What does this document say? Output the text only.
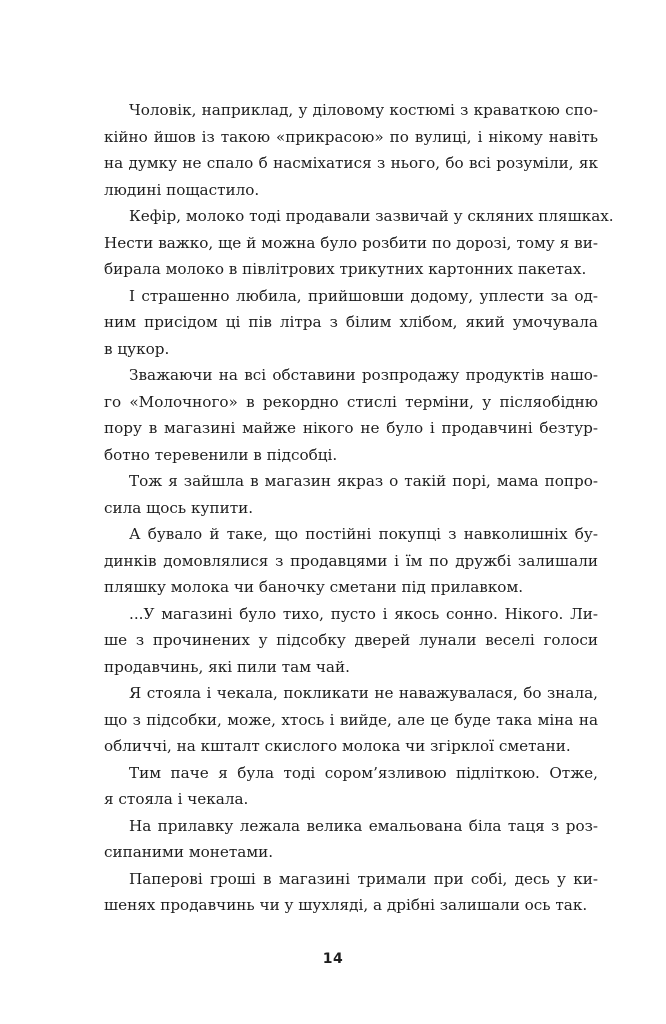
Чоловік, наприклад, у діловому костюмі з краваткою спо-
кійно йшов із такою «прикрасою» по вулиці, і нікому навіть
на думку не спало б насміхатися з нього, бо всі розуміли, як
людині пощастило.
Кефір, молоко тоді продавали зазвичай у скляних пляшках.
Нести важко, ще й можна було розбити по дорозі, тому я ви-
бирала молоко в пiвлітрових трикутних картонних пакетах.
І страшенно любила, прийшовши додому, уплести за од-
ним присідом ці пів літра з білим хлібом, який умочувала
в цукор.
Зважаючи на всі обставини розпродажу продуктів нашо-
го «Молочного» в рекордно стислі терміни, у післяобідню
пору в магазині майже нікого не було і продавчині безтур-
ботно теревенили в підсобці.
Тож я зайшла в магазин якраз о такій порі, мама попро-
сила щось купити.
А бувало й таке, що постійні покупці з навколишніх бу-
динків домовлялися з продавцями і їм по дружбі залишали
пляшку молока чи баночку сметани під прилавком.
...У магазині було тихо, пусто і якось сонно. Нікого. Ли-
ше з прочинених у підсобку дверей лунали веселі голоси
продавчинь, які пили там чай.
Я стояла і чекала, покликати не наважувалася, бо знала,
що з підсобки, може, хтось і вийде, але це буде така міна на
обличчі, на кшталт скислого молока чи згірклої сметани.
Тим паче я була тоді сором’язливою підліткою. Отже,
я стояла і чекала.
На прилавку лежала велика емальована біла таця з роз-
сипаними монетами.
Паперові гроші в магазині тримали при собі, десь у ки-
шенях продавчинь чи у шухляді, а дрібні залишали ось так.
14
